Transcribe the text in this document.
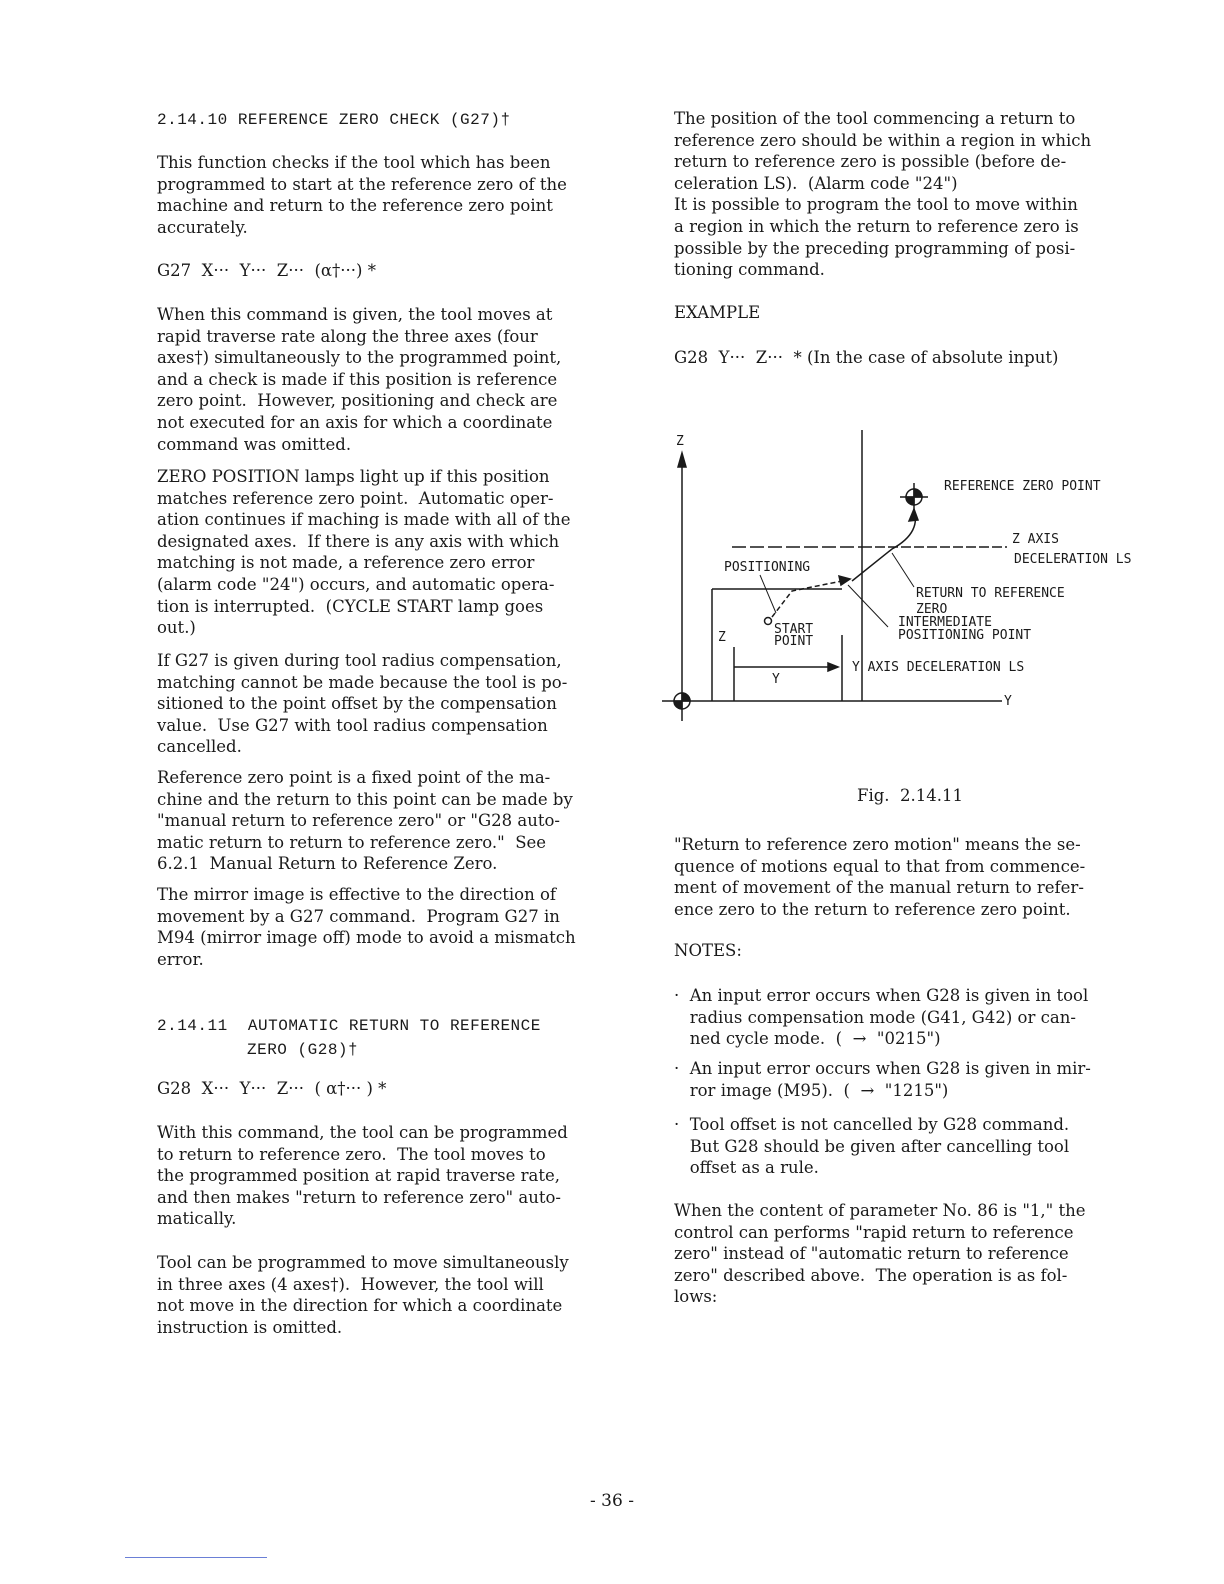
2.14.10 REFERENCE ZERO CHECK (G27)†
This function checks if the tool which has been
programmed to start at the reference zero of the
machine and return to the reference zero point
accurately.
G27  X···  Y···  Z···  (α†···) *
When this command is given, the tool moves at
rapid traverse rate along the three axes (four
axes†) simultaneously to the programmed point,
and a check is made if this position is reference
zero point.  However, positioning and check are
not executed for an axis for which a coordinate
command was omitted.
ZERO POSITION lamps light up if this position
matches reference zero point.  Automatic oper-
ation continues if maching is made with all of the
designated axes.  If there is any axis with which
matching is not made, a reference zero error
(alarm code "24") occurs, and automatic opera-
tion is interrupted.  (CYCLE START lamp goes
out.)
If G27 is given during tool radius compensation,
matching cannot be made because the tool is po-
sitioned to the point offset by the compensation
value.  Use G27 with tool radius compensation
cancelled.
Reference zero point is a fixed point of the ma-
chine and the return to this point can be made by
"manual return to reference zero" or "G28 auto-
matic return to return to reference zero."  See
6.2.1  Manual Return to Reference Zero.
The mirror image is effective to the direction of
movement by a G27 command.  Program G27 in
M94 (mirror image off) mode to avoid a mismatch
error.
2.14.11  AUTOMATIC RETURN TO REFERENCE
ZERO (G28)†
G28  X···  Y···  Z···  ( α†··· ) *
With this command, the tool can be programmed
to return to reference zero.  The tool moves to
the programmed position at rapid traverse rate,
and then makes "return to reference zero" auto-
matically.
Tool can be programmed to move simultaneously
in three axes (4 axes†).  However, the tool will
not move in the direction for which a coordinate
instruction is omitted.
The position of the tool commencing a return to
reference zero should be within a region in which
return to reference zero is possible (before de-
celeration LS).  (Alarm code "24")
It is possible to program the tool to move within
a region in which the return to reference zero is
possible by the preceding programming of posi-
tioning command.
EXAMPLE
G28  Y···  Z···  * (In the case of absolute input)
Fig.  2.14.11
"Return to reference zero motion" means the se-
quence of motions equal to that from commence-
ment of movement of the manual return to refer-
ence zero to the return to reference zero point.
NOTES:
·  An input error occurs when G28 is given in tool
radius compensation mode (G41, G42) or can-
ned cycle mode.  (  →  "0215")
·  An input error occurs when G28 is given in mir-
ror image (M95).  (  →  "1215")
·  Tool offset is not cancelled by G28 command.
But G28 should be given after cancelling tool
offset as a rule.
When the content of parameter No. 86 is "1," the
control can performs "rapid return to reference
zero" instead of "automatic return to reference
zero" described above.  The operation is as fol-
lows:
Z
REFERENCE ZERO POINT
Z AXIS
DECELERATION LS
POSITIONING
RETURN TO REFERENCE
ZERO
INTERMEDIATE
POSITIONING POINT
START
POINT
Z
Y AXIS DECELERATION LS
Y
Y
- 36 -
